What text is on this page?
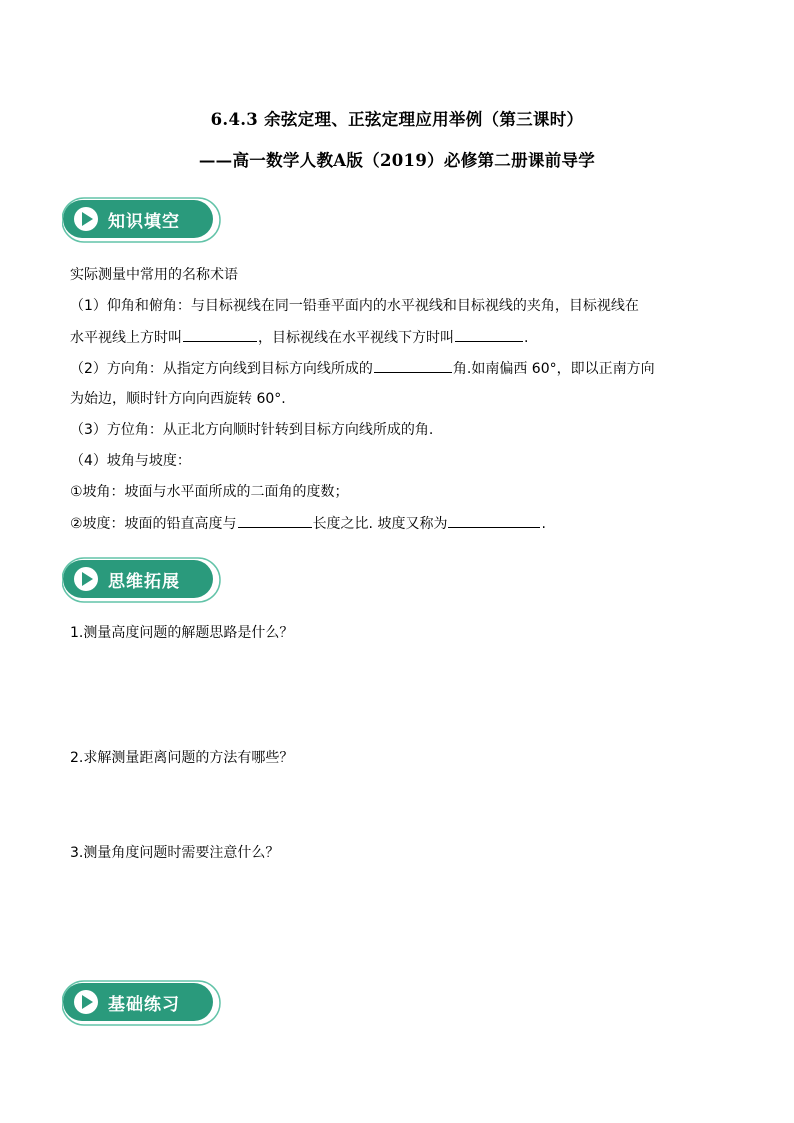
6.4.3 余弦定理、正弦定理应用举例（第三课时）
——高一数学人教A版（2019）必修第二册课前导学
知识填空
实际测量中常用的名称术语
（1）仰角和俯角：与目标视线在同一铅垂平面内的水平视线和目标视线的夹角，目标视线在
水平视线上方时叫	，目标视线在水平视线下方时叫	.
（2）方向角：从指定方向线到目标方向线所成的	角.如南偏西 60°，即以正南方向
为始边，顺时针方向向西旋转 60°.
（3）方位角：从正北方向顺时针转到目标方向线所成的角.
（4）坡角与坡度：
①坡角：坡面与水平面所成的二面角的度数；
②坡度：坡面的铅直高度与	长度之比. 坡度又称为	.
思维拓展
1.测量高度问题的解题思路是什么？
2.求解测量距离问题的方法有哪些？
3.测量角度问题时需要注意什么？
基础练习
